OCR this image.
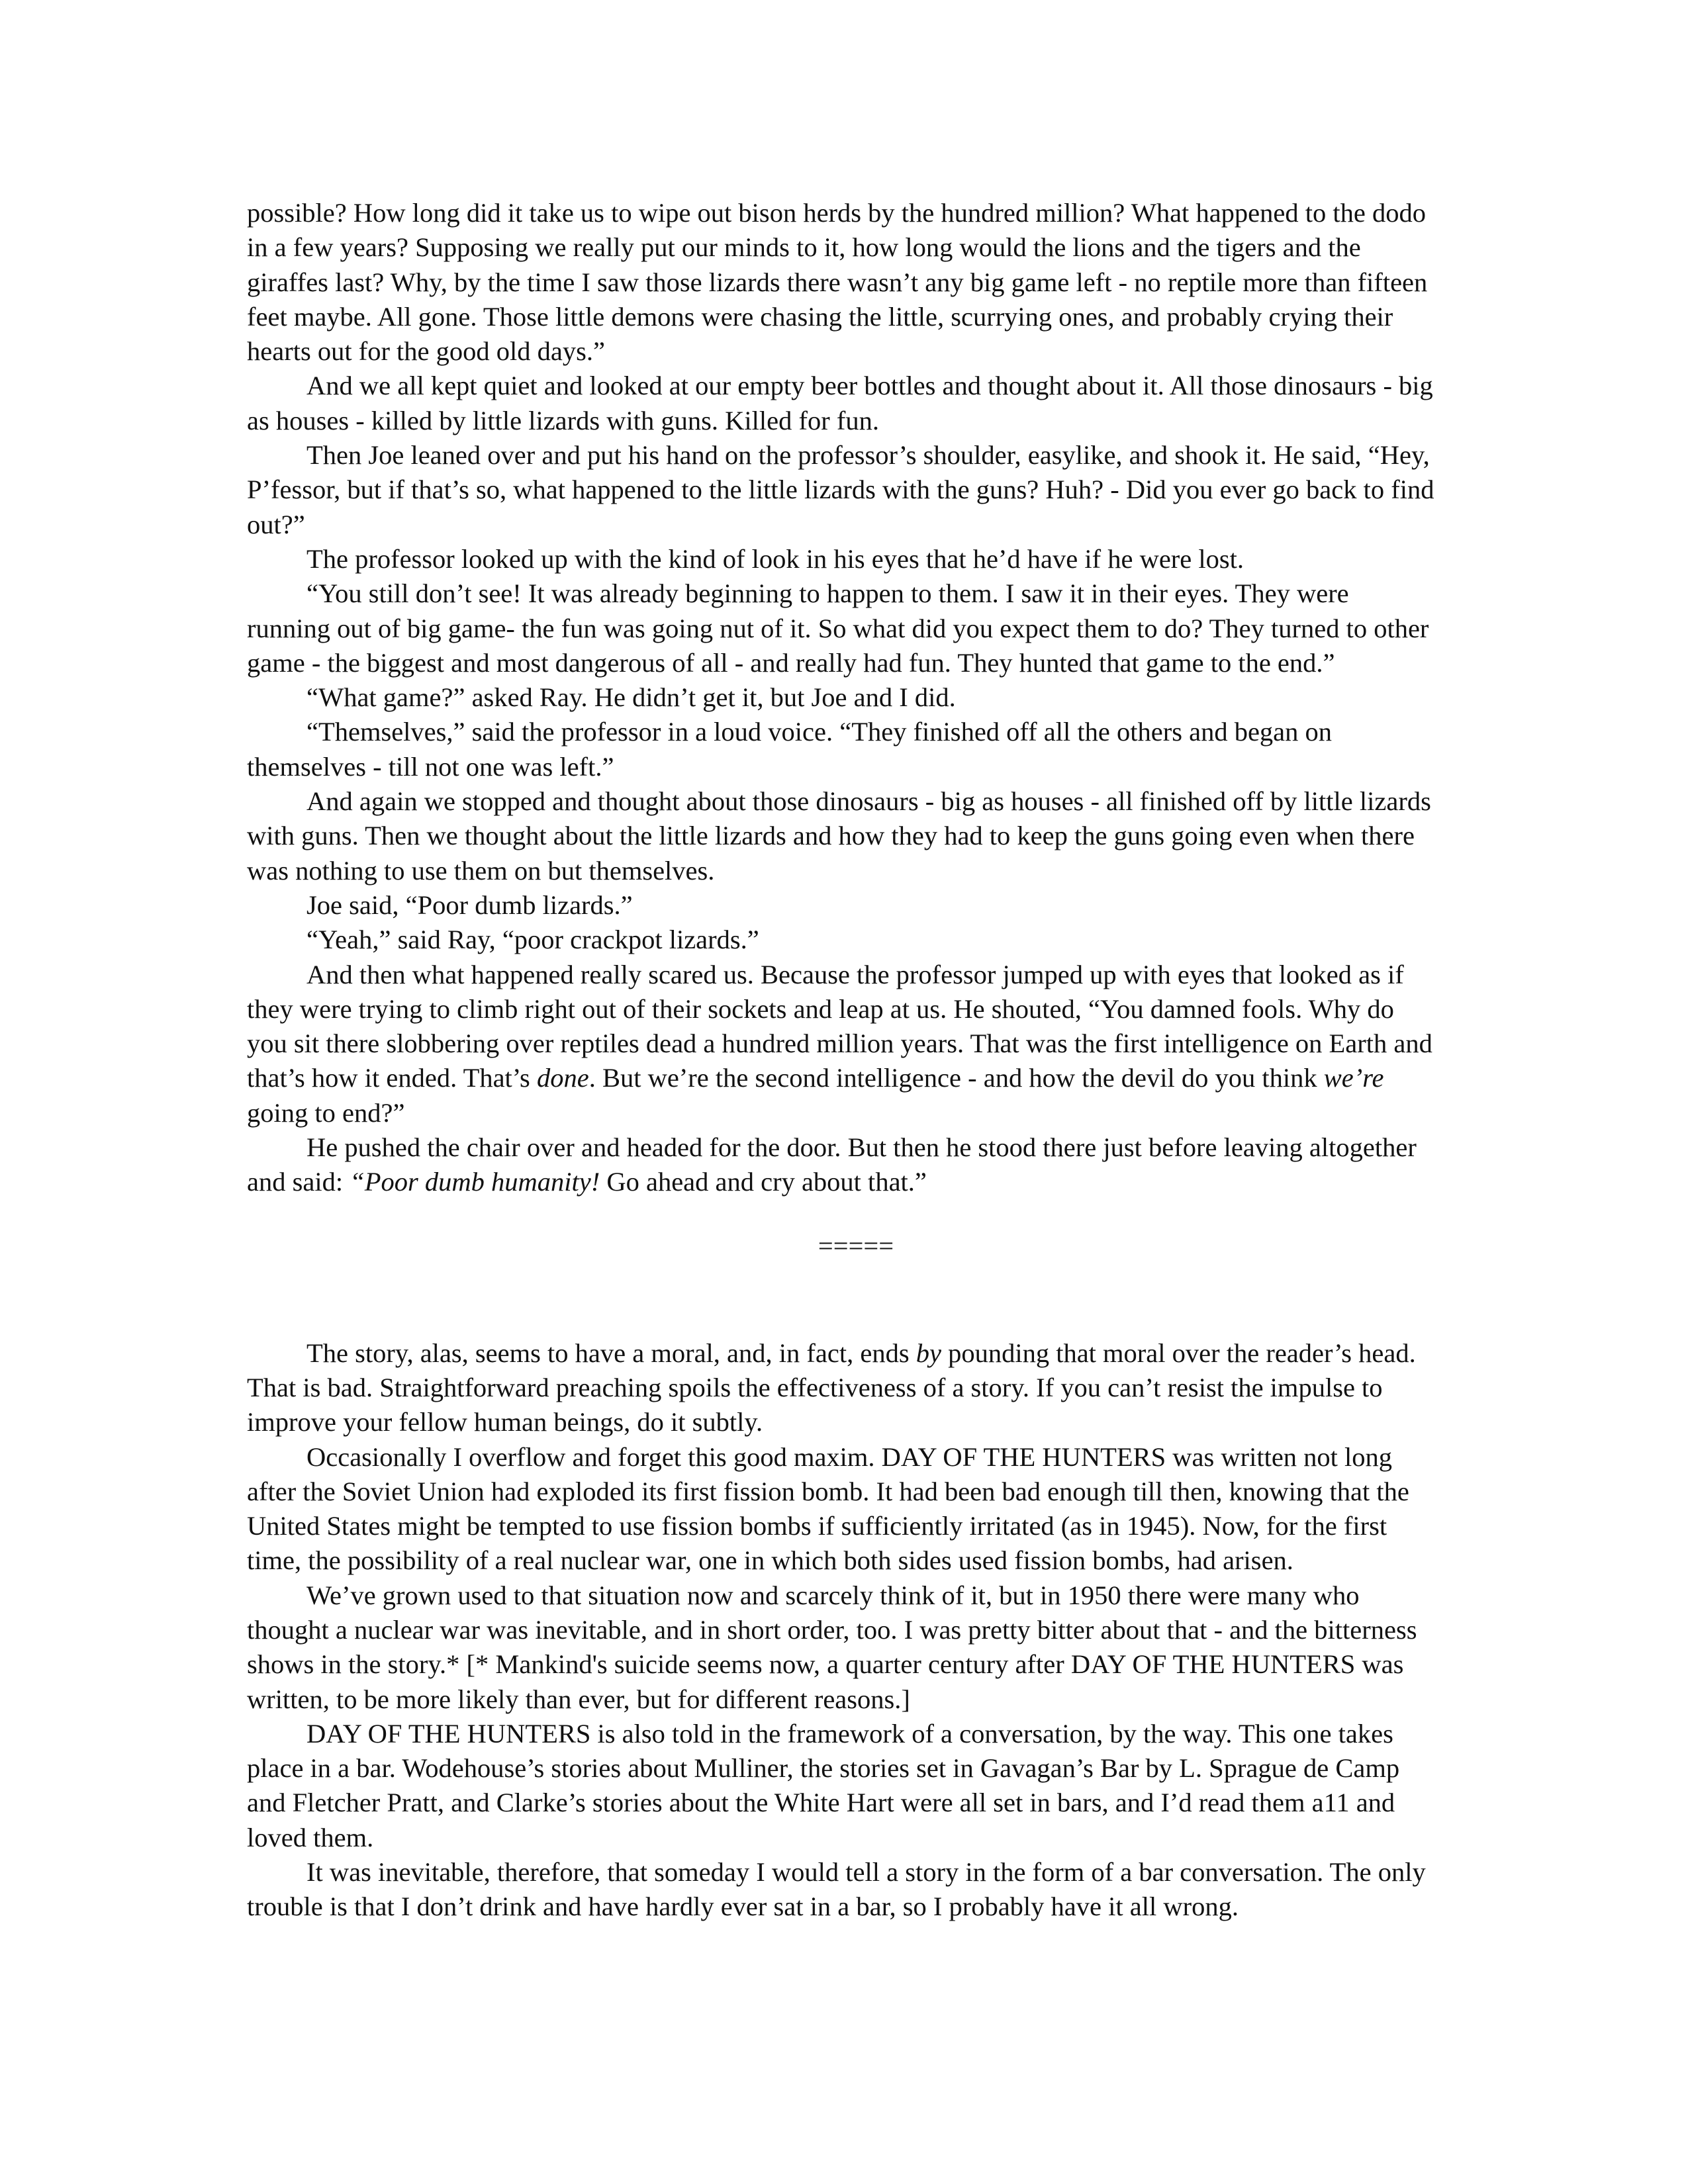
possible? How long did it take us to wipe out bison herds by the hundred million? What happened to the dodo in a few years? Supposing we really put our minds to it, how long would the lions and the tigers and the giraffes last? Why, by the time I saw those lizards there wasn’t any big game left - no reptile more than fifteen feet maybe. All gone. Those little demons were chasing the little, scurrying ones, and probably crying their hearts out for the good old days.”

And we all kept quiet and looked at our empty beer bottles and thought about it. All those dinosaurs - big as houses - killed by little lizards with guns. Killed for fun.

Then Joe leaned over and put his hand on the professor’s shoulder, easylike, and shook it. He said, “Hey, P’fessor, but if that’s so, what happened to the little lizards with the guns? Huh? - Did you ever go back to find out?”

The professor looked up with the kind of look in his eyes that he’d have if he were lost.

“You still don’t see! It was already beginning to happen to them. I saw it in their eyes. They were running out of big game- the fun was going nut of it. So what did you expect them to do? They turned to other game - the biggest and most dangerous of all - and really had fun. They hunted that game to the end.”

“What game?” asked Ray. He didn’t get it, but Joe and I did.

“Themselves,” said the professor in a loud voice. “They finished off all the others and began on themselves - till not one was left.”

And again we stopped and thought about those dinosaurs - big as houses - all finished off by little lizards with guns. Then we thought about the little lizards and how they had to keep the guns going even when there was nothing to use them on but themselves.

Joe said, “Poor dumb lizards.”

“Yeah,” said Ray, “poor crackpot lizards.”

And then what happened really scared us. Because the professor jumped up with eyes that looked as if they were trying to climb right out of their sockets and leap at us. He shouted, “You damned fools. Why do you sit there slobbering over reptiles dead a hundred million years. That was the first intelligence on Earth and that’s how it ended. That’s done. But we’re the second intelligence - and how the devil do you think we’re going to end?”

He pushed the chair over and headed for the door. But then he stood there just before leaving altogether and said: “Poor dumb humanity! Go ahead and cry about that.”

=====

The story, alas, seems to have a moral, and, in fact, ends by pounding that moral over the reader’s head. That is bad. Straightforward preaching spoils the effectiveness of a story. If you can’t resist the impulse to improve your fellow human beings, do it subtly.

Occasionally I overflow and forget this good maxim. DAY OF THE HUNTERS was written not long after the Soviet Union had exploded its first fission bomb. It had been bad enough till then, knowing that the United States might be tempted to use fission bombs if sufficiently irritated (as in 1945). Now, for the first time, the possibility of a real nuclear war, one in which both sides used fission bombs, had arisen.

We’ve grown used to that situation now and scarcely think of it, but in 1950 there were many who thought a nuclear war was inevitable, and in short order, too. I was pretty bitter about that - and the bitterness shows in the story.* [* Mankind's suicide seems now, a quarter century after DAY OF THE HUNTERS was written, to be more likely than ever, but for different reasons.]

DAY OF THE HUNTERS is also told in the framework of a conversation, by the way. This one takes place in a bar. Wodehouse’s stories about Mulliner, the stories set in Gavagan’s Bar by L. Sprague de Camp and Fletcher Pratt, and Clarke’s stories about the White Hart were all set in bars, and I’d read them a11 and loved them.

It was inevitable, therefore, that someday I would tell a story in the form of a bar conversation. The only trouble is that I don’t drink and have hardly ever sat in a bar, so I probably have it all wrong.
